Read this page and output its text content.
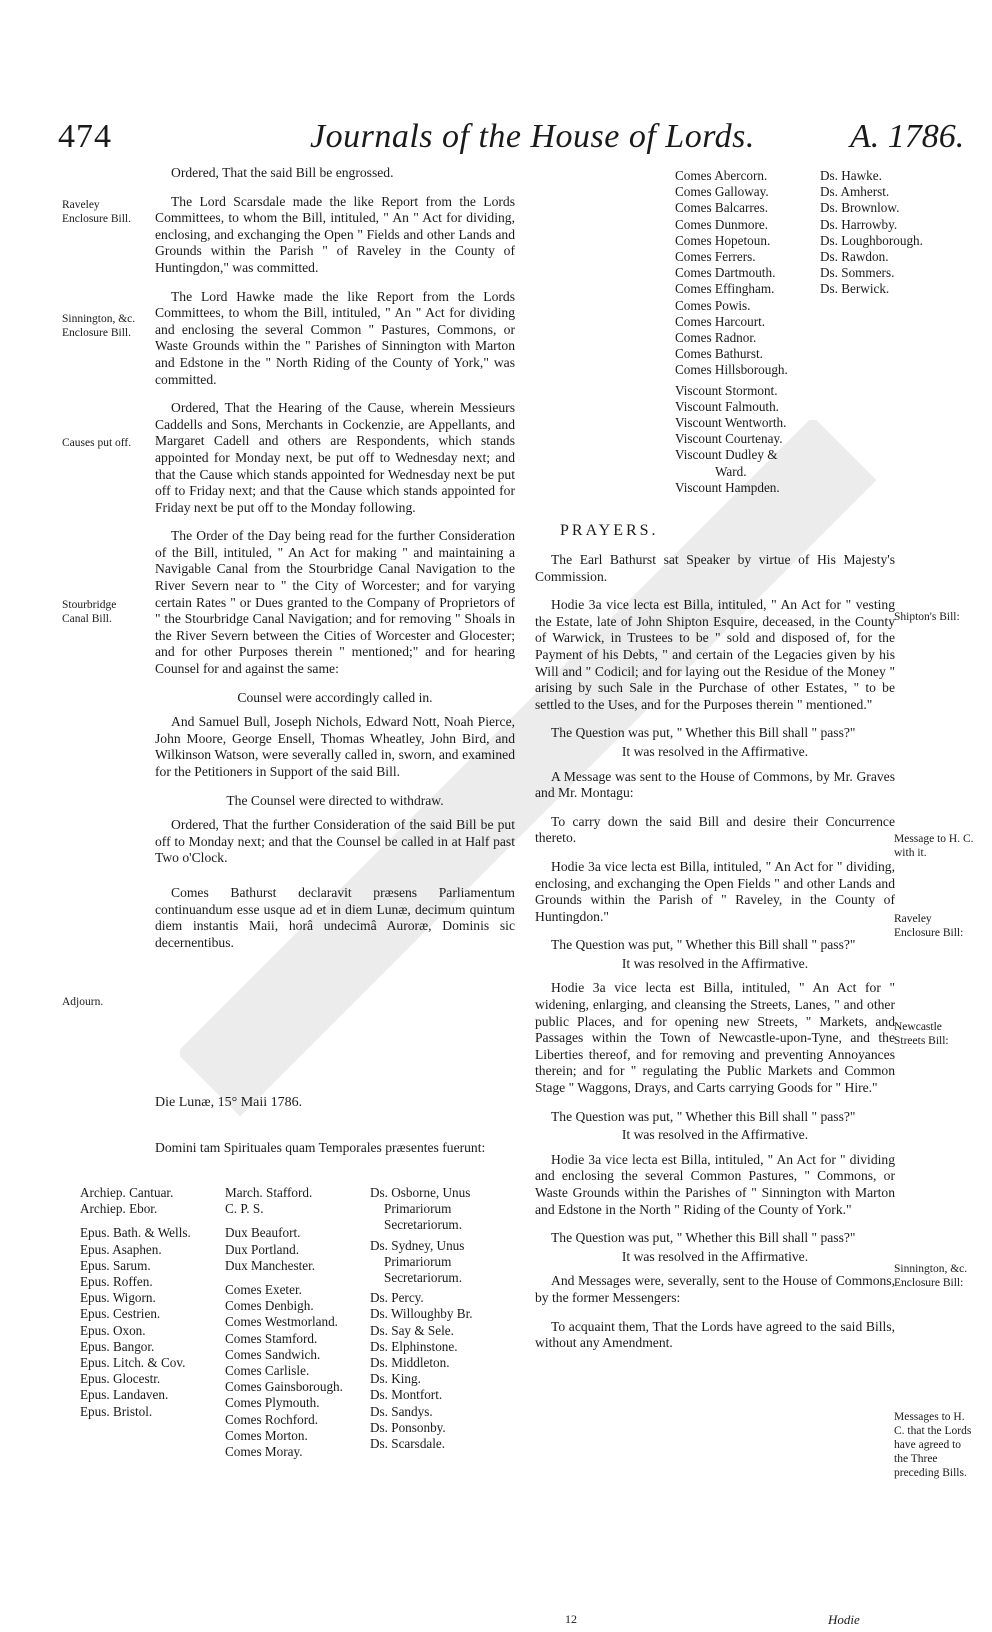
474	Journals of the House of Lords.	A. 1786.
Raveley Enclosure Bill.
Sinnington, &c. Enclosure Bill.
Causes put off.
Stourbridge Canal Bill.
Adjourn.
Shipton's Bill:
Message to H. C. with it.
Raveley Enclosure Bill:
Newcastle Streets Bill:
Sinnington, &c. Enclosure Bill:
Messages to H. C. that the Lords have agreed to the Three preceding Bills.

Ordered, That the said Bill be engrossed.

The Lord Scarsdale made the like Report from the Lords Committees, to whom the Bill, intituled, " An " Act for dividing, enclosing, and exchanging the Open " Fields and other Lands and Grounds within the Parish " of Raveley in the County of Huntingdon," was committed.

The Lord Hawke made the like Report from the Lords Committees, to whom the Bill, intituled, " An " Act for dividing and enclosing the several Common " Pastures, Commons, or Waste Grounds within the " Parishes of Sinnington with Marton and Edstone in the " North Riding of the County of York," was committed.

Ordered, That the Hearing of the Cause, wherein Messieurs Caddells and Sons, Merchants in Cockenzie, are Appellants, and Margaret Cadell and others are Respondents, which stands appointed for Monday next, be put off to Wednesday next; and that the Cause which stands appointed for Wednesday next be put off to Friday next; and that the Cause which stands appointed for Friday next be put off to the Monday following.

The Order of the Day being read for the further Consideration of the Bill, intituled, " An Act for making " and maintaining a Navigable Canal from the Stourbridge Canal Navigation to the River Severn near to " the City of Worcester; and for varying certain Rates " or Dues granted to the Company of Proprietors of " the Stourbridge Canal Navigation; and for removing " Shoals in the River Severn between the Cities of Worcester and Glocester; and for other Purposes therein " mentioned;" and for hearing Counsel for and against the same:

Counsel were accordingly called in.

And Samuel Bull, Joseph Nichols, Edward Nott, Noah Pierce, John Moore, George Ensell, Thomas Wheatley, John Bird, and Wilkinson Watson, were severally called in, sworn, and examined for the Petitioners in Support of the said Bill.

The Counsel were directed to withdraw.

Ordered, That the further Consideration of the said Bill be put off to Monday next; and that the Counsel be called in at Half past Two o'Clock.

Comes Bathurst declaravit præsens Parliamentum continuandum esse usque ad et in diem Lunæ, decimum quintum diem instantis Maii, horâ undecimâ Auroræ, Dominis sic decernentibus.

Die Lunæ, 15° Maii 1786.
Domini tam Spirituales quam Temporales præsentes fuerunt:
Archiep. Cantuar.
Archiep. Ebor.
Epus. Bath. & Wells.
Epus. Asaphen.
Epus. Sarum.
Epus. Roffen.
Epus. Wigorn.
Epus. Cestrien.
Epus. Oxon.
Epus. Bangor.
Epus. Litch. & Cov.
Epus. Glocestr.
Epus. Landaven.
Epus. Bristol.
March. Stafford.
C. P. S.
Dux Beaufort.
Dux Portland.
Dux Manchester.
Comes Exeter.
Comes Denbigh.
Comes Westmorland.
Comes Stamford.
Comes Sandwich.
Comes Carlisle.
Comes Gainsborough.
Comes Plymouth.
Comes Rochford.
Comes Morton.
Comes Moray.
Ds. Osborne, Unus
Primariorum Secretariorum.
Ds. Sydney, Unus
Primariorum Secretariorum.
Ds. Percy.
Ds. Willoughby Br.
Ds. Say & Sele.
Ds. Elphinstone.
Ds. Middleton.
Ds. King.
Ds. Montfort.
Ds. Sandys.
Ds. Ponsonby.
Ds. Scarsdale.
Comes Abercorn.
Comes Galloway.
Comes Balcarres.
Comes Dunmore.
Comes Hopetoun.
Comes Ferrers.
Comes Dartmouth.
Comes Effingham.
Comes Powis.
Comes Harcourt.
Comes Radnor.
Comes Bathurst.
Comes Hillsborough.
Viscount Stormont.
Viscount Falmouth.
Viscount Wentworth.
Viscount Courtenay.
Viscount Dudley &
Ward.
Viscount Hampden.
Ds. Hawke.
Ds. Amherst.
Ds. Brownlow.
Ds. Harrowby.
Ds. Loughborough.
Ds. Rawdon.
Ds. Sommers.
Ds. Berwick.
PRAYERS.

The Earl Bathurst sat Speaker by virtue of His Majesty's Commission.

Hodie 3a vice lecta est Billa, intituled, " An Act for " vesting the Estate, late of John Shipton Esquire, deceased, in the County of Warwick, in Trustees to be " sold and disposed of, for the Payment of his Debts, " and certain of the Legacies given by his Will and " Codicil; and for laying out the Residue of the Money " arising by such Sale in the Purchase of other Estates, " to be settled to the Uses, and for the Purposes therein " mentioned."

The Question was put, " Whether this Bill shall " pass?"

It was resolved in the Affirmative.

A Message was sent to the House of Commons, by Mr. Graves and Mr. Montagu:

To carry down the said Bill and desire their Concurrence thereto.

Hodie 3a vice lecta est Billa, intituled, " An Act for " dividing, enclosing, and exchanging the Open Fields " and other Lands and Grounds within the Parish of " Raveley, in the County of Huntingdon."

The Question was put, " Whether this Bill shall " pass?"

It was resolved in the Affirmative.

Hodie 3a vice lecta est Billa, intituled, " An Act for " widening, enlarging, and cleansing the Streets, Lanes, " and other public Places, and for opening new Streets, " Markets, and Passages within the Town of Newcastle-upon-Tyne, and the Liberties thereof, and for removing and preventing Annoyances therein; and for " regulating the Public Markets and Common Stage " Waggons, Drays, and Carts carrying Goods for " Hire."

The Question was put, " Whether this Bill shall " pass?"

It was resolved in the Affirmative.

Hodie 3a vice lecta est Billa, intituled, " An Act for " dividing and enclosing the several Common Pastures, " Commons, or Waste Grounds within the Parishes of " Sinnington with Marton and Edstone in the North " Riding of the County of York."

The Question was put, " Whether this Bill shall " pass?"

It was resolved in the Affirmative.

And Messages were, severally, sent to the House of Commons, by the former Messengers:

To acquaint them, That the Lords have agreed to the said Bills, without any Amendment.

12	Hodie
